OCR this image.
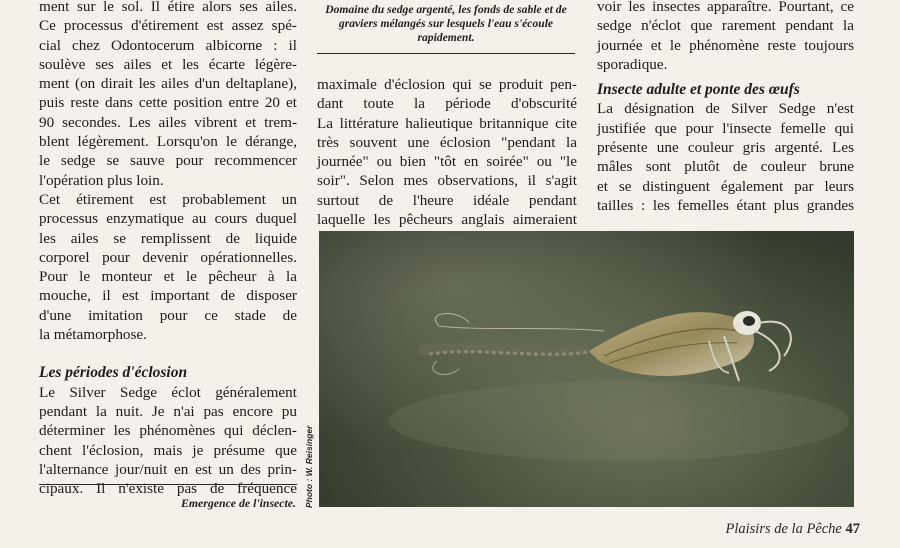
ment sur le sol. Il étire alors ses ailes.
Ce processus d'étirement est assez spé-
cial chez Odontocerum albicorne : il
soulève ses ailes et les écarte légère-
ment (on dirait les ailes d'un deltaplane),
puis reste dans cette position entre 20 et
90 secondes. Les ailes vibrent et trem-
blent légèrement. Lorsqu'on le dérange,
le sedge se sauve pour recommencer
l'opération plus loin.
Cet étirement est probablement un
processus enzymatique au cours duquel
les ailes se remplissent de liquide
corporel pour devenir opérationnelles.
Pour le monteur et le pêcheur à la
mouche, il est important de disposer
d'une imitation pour ce stade de
la métamorphose.
Les périodes d'éclosion
Le Silver Sedge éclot généralement
pendant la nuit. Je n'ai pas encore pu
déterminer les phénomènes qui déclen-
chent l'éclosion, mais je présume que
l'alternance jour/nuit en est un des prin-
cipaux. Il n'existe pas de fréquence
Domaine du sedge argenté, les fonds de sable et de graviers mélangés sur lesquels l'eau s'écoule rapidement.
maximale d'éclosion qui se produit pen-
dant toute la période d'obscurité
La littérature halieutique britannique cite
très souvent une éclosion "pendant la
journée" ou bien "tôt en soirée" ou "le
soir". Selon mes observations, il s'agit
surtout de l'heure idéale pendant
laquelle les pêcheurs anglais aimeraient
voir les insectes apparaître. Pourtant, ce
sedge n'éclot que rarement pendant la
journée et le phénomène reste toujours
sporadique.
Insecte adulte et ponte des œufs
La désignation de Silver Sedge n'est
justifiée que pour l'insecte femelle qui
présente une couleur gris argenté. Les
mâles sont plutôt de couleur brune
et se distinguent également par leurs
tailles : les femelles étant plus grandes
Photo : W. Reisinger
Emergence de l'insecte.
Plaisirs de la Pêche 47
